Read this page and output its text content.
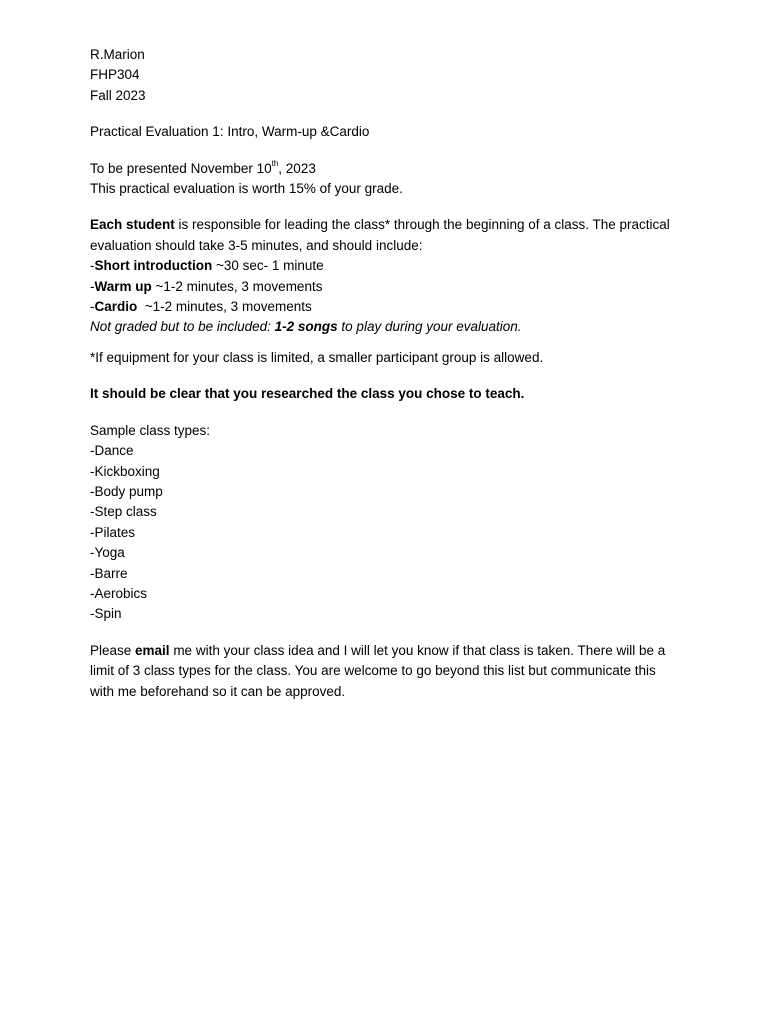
R.Marion
FHP304
Fall 2023
Practical Evaluation 1: Intro, Warm-up &Cardio
To be presented November 10th, 2023
This practical evaluation is worth 15% of your grade.
Each student is responsible for leading the class* through the beginning of a class. The practical evaluation should take 3-5 minutes, and should include:
-Short introduction ~30 sec- 1 minute
-Warm up ~1-2 minutes, 3 movements
-Cardio  ~1-2 minutes, 3 movements
Not graded but to be included: 1-2 songs to play during your evaluation.
*If equipment for your class is limited, a smaller participant group is allowed.
It should be clear that you researched the class you chose to teach.
Sample class types:
-Dance
-Kickboxing
-Body pump
-Step class
-Pilates
-Yoga
-Barre
-Aerobics
-Spin
Please email me with your class idea and I will let you know if that class is taken. There will be a limit of 3 class types for the class. You are welcome to go beyond this list but communicate this with me beforehand so it can be approved.
